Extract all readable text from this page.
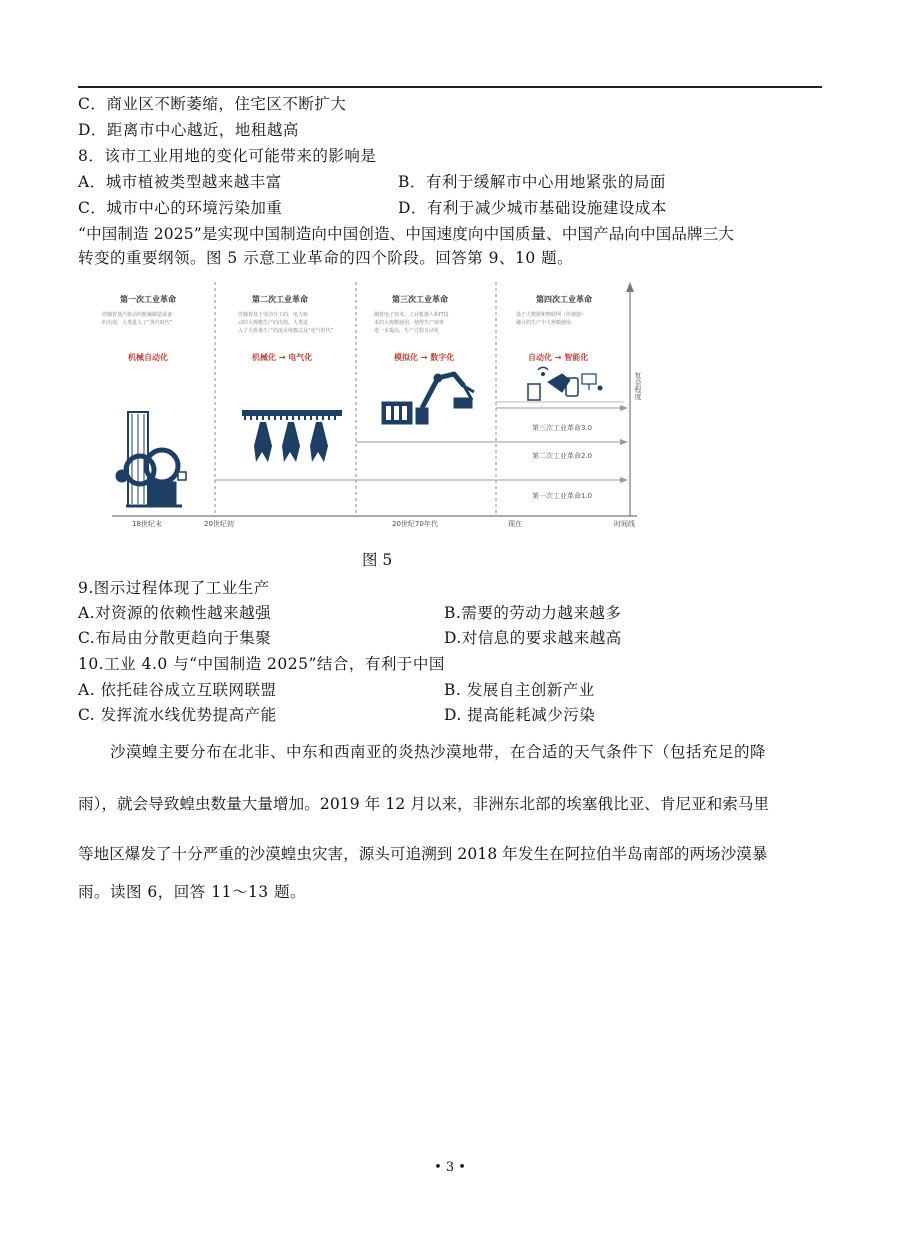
C．商业区不断萎缩，住宅区不断扩大
D．距离市中心越近，地租越高
8．该市工业用地的变化可能带来的影响是
A．城市植被类型越来越丰富	B．有利于缓解市中心用地紧张的局面
C．城市中心的环境污染加重	D．有利于减少城市基础设施建设成本
“中国制造 2025”是实现中国制造向中国创造、中国速度向中国质量、中国产品向中国品牌三大
转变的重要纲领。图 5 示意工业革命的四个阶段。回答第 9、10 题。
复杂程度
18世纪末	20世纪初	20世纪70年代	现在	时间线
第一次工业革命1.0
第二次工业革命2.0
第三次工业革命3.0
第一次工业革命
伴随着蒸汽驱动的机械制造设备
的出现，人类进入了“蒸汽时代”
机械自动化
第二次工业革命
伴随着基于劳动分工的，电力驱
动的大规模生产的出现，人类进
入了大批量生产的流水线模式及“电气时代”
机械化 → 电气化
第三次工业革命
随着电子技术、工业机器人和IT技
术的大规模使用，使得生产效率
进一步提高，生产过程自动化
模拟化 → 数字化
第四次工业革命
基于大数据和物联网（传感器）
融合的生产中大规模使用
自动化 → 智能化
图 5
9.图示过程体现了工业生产
A.对资源的依赖性越来越强	B.需要的劳动力越来越多
C.布局由分散更趋向于集聚	D.对信息的要求越来越高
10.工业 4.0 与“中国制造 2025”结合，有利于中国
A. 依托硅谷成立互联网联盟	B. 发展自主创新产业
C. 发挥流水线优势提高产能	D. 提高能耗减少污染
沙漠蝗主要分布在北非、中东和西南亚的炎热沙漠地带，在合适的天气条件下（包括充足的降
雨），就会导致蝗虫数量大量增加。2019 年 12 月以来，非洲东北部的埃塞俄比亚、肯尼亚和索马里
等地区爆发了十分严重的沙漠蝗虫灾害，源头可追溯到 2018 年发生在阿拉伯半岛南部的两场沙漠暴
雨。读图 6，回答 11～13 题。
• 3 •
